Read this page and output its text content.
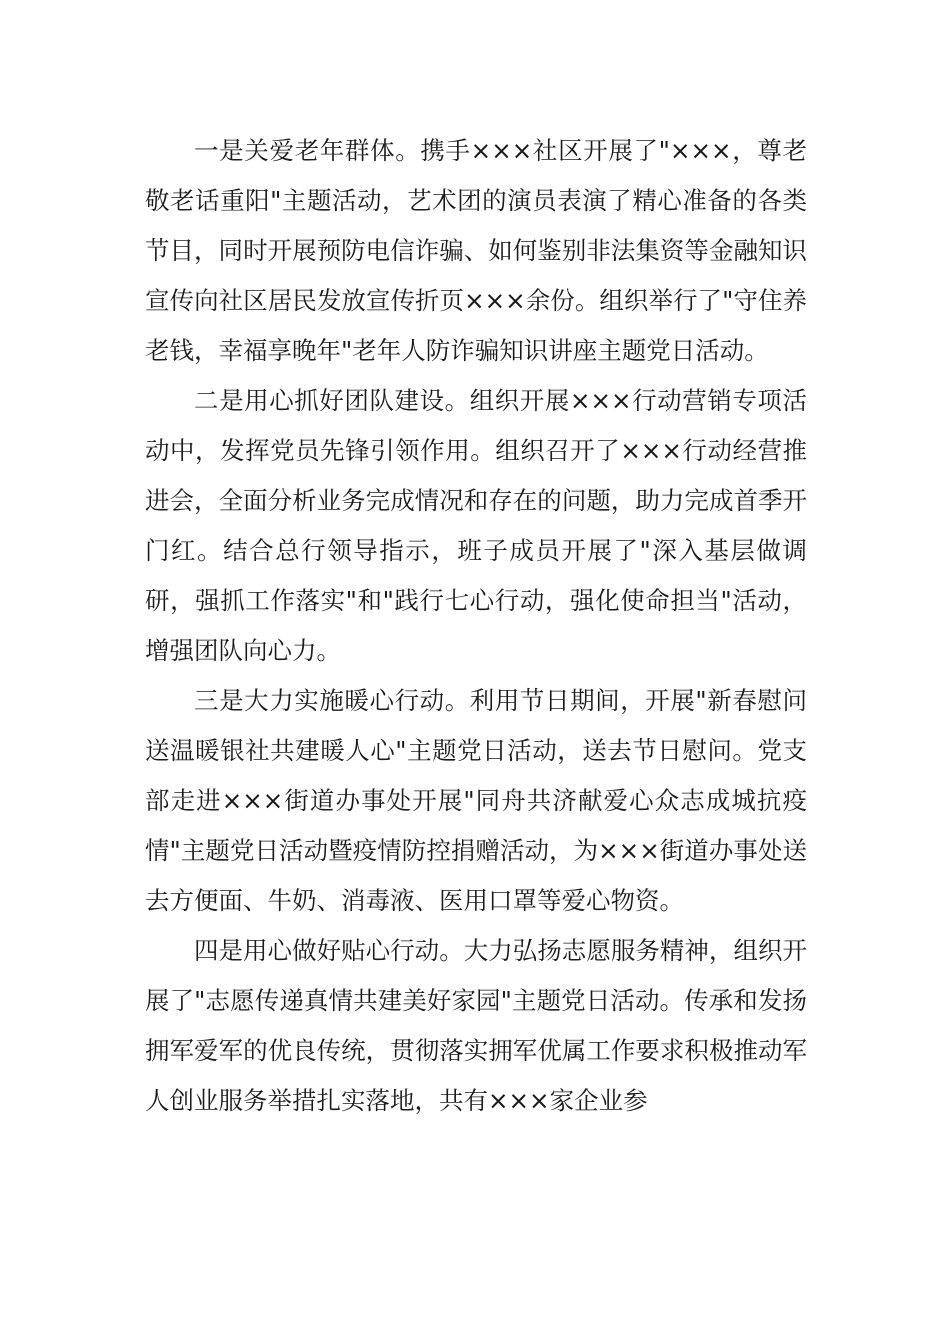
一是关爱老年群体。携手×××社区开展了"×××，尊老敬老话重阳"主题活动，艺术团的演员表演了精心准备的各类节目，同时开展预防电信诈骗、如何鉴别非法集资等金融知识宣传向社区居民发放宣传折页×××余份。组织举行了"守住养老钱，幸福享晚年"老年人防诈骗知识讲座主题党日活动。

二是用心抓好团队建设。组织开展×××行动营销专项活动中，发挥党员先锋引领作用。组织召开了×××行动经营推进会，全面分析业务完成情况和存在的问题，助力完成首季开门红。结合总行领导指示，班子成员开展了"深入基层做调研，强抓工作落实"和"践行七心行动，强化使命担当"活动，增强团队向心力。

三是大力实施暖心行动。利用节日期间，开展"新春慰问送温暖银社共建暖人心"主题党日活动，送去节日慰问。党支部走进×××街道办事处开展"同舟共济献爱心众志成城抗疫情"主题党日活动暨疫情防控捐赠活动，为×××街道办事处送去方便面、牛奶、消毒液、医用口罩等爱心物资。

四是用心做好贴心行动。大力弘扬志愿服务精神，组织开展了"志愿传递真情共建美好家园"主题党日活动。传承和发扬拥军爱军的优良传统，贯彻落实拥军优属工作要求积极推动军人创业服务举措扎实落地，共有×××家企业参
